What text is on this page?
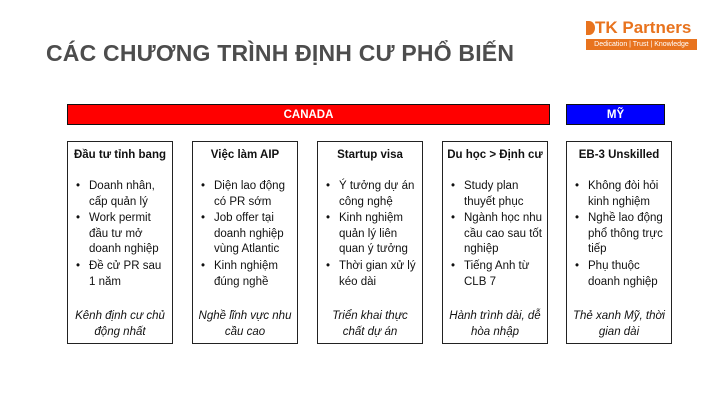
CÁC CHƯƠNG TRÌNH ĐỊNH CƯ PHỔ BIẾN
TK Partners
Dedication | Trust | Knowledge
CANADA	MỸ
Đầu tư tỉnh bang
• Doanh nhân, cấp quản lý
• Work permit đầu tư mở doanh nghiệp
• Đề cử PR sau 1 năm
Kênh định cư chủ động nhất
Việc làm AIP
• Diện lao động có PR sớm
• Job offer tại doanh nghiệp vùng Atlantic
• Kinh nghiệm đúng nghề
Nghề lĩnh vực nhu cầu cao
Startup visa
• Ý tưởng dự án công nghệ
• Kinh nghiệm quản lý liên quan ý tưởng
• Thời gian xử lý kéo dài
Triển khai thực chất dự án
Du học > Định cư
• Study plan thuyết phục
• Ngành học nhu cầu cao sau tốt nghiệp
• Tiếng Anh từ CLB 7
Hành trình dài, dễ hòa nhập
EB-3 Unskilled
• Không đòi hỏi kinh nghiệm
• Nghề lao động phổ thông trực tiếp
• Phụ thuộc doanh nghiệp
Thẻ xanh Mỹ, thời gian dài
